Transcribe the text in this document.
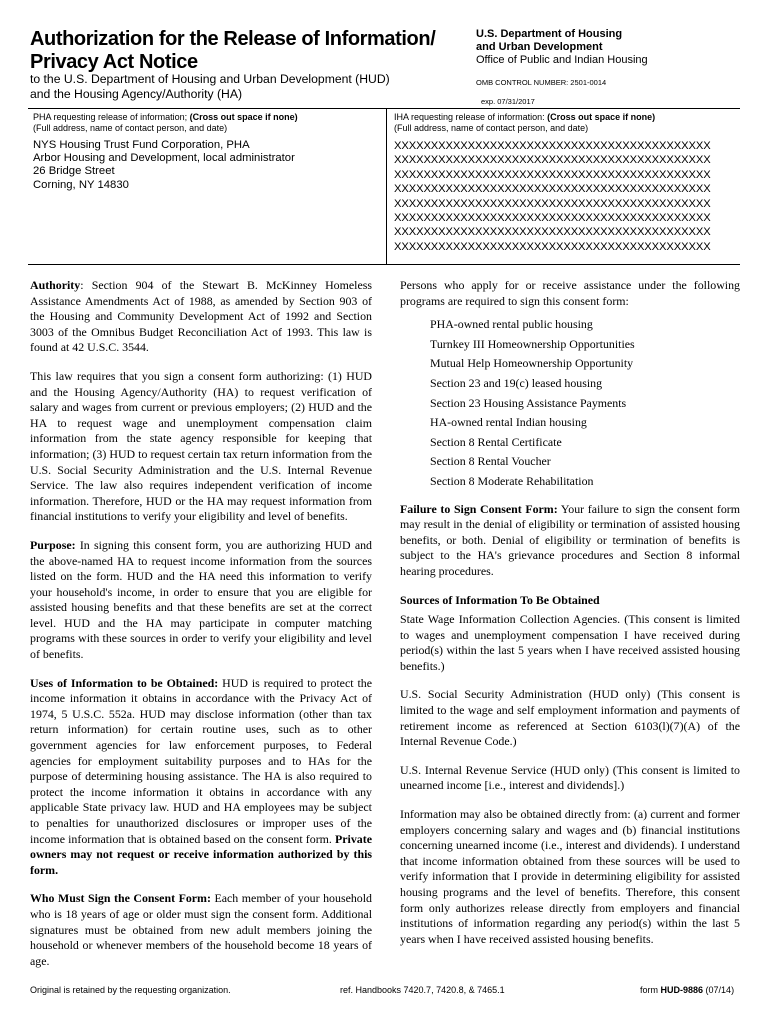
Authorization for the Release of Information/
Privacy Act Notice
to the U.S. Department of Housing and Urban Development (HUD)
and the Housing Agency/Authority (HA)
U.S. Department of Housing
and Urban Development
Office of Public and Indian Housing
OMB CONTROL NUMBER: 2501-0014
exp. 07/31/2017
PHA requesting release of information; (Cross out space if none)
(Full address, name of contact person, and date)
NYS Housing Trust Fund Corporation, PHA
Arbor Housing and Development, local administrator
26 Bridge Street
Corning, NY 14830
IHA requesting release of information: (Cross out space if none)
(Full address, name of contact person, and date)
XXXXXXXXXXXXXXXXXXXXXXXXXXXXXXXXXXXXXXXXXXX
XXXXXXXXXXXXXXXXXXXXXXXXXXXXXXXXXXXXXXXXXXX
XXXXXXXXXXXXXXXXXXXXXXXXXXXXXXXXXXXXXXXXXXX
XXXXXXXXXXXXXXXXXXXXXXXXXXXXXXXXXXXXXXXXXXX
XXXXXXXXXXXXXXXXXXXXXXXXXXXXXXXXXXXXXXXXXXX
XXXXXXXXXXXXXXXXXXXXXXXXXXXXXXXXXXXXXXXXXXX
XXXXXXXXXXXXXXXXXXXXXXXXXXXXXXXXXXXXXXXXXXX
XXXXXXXXXXXXXXXXXXXXXXXXXXXXXXXXXXXXXXXXXXX

Authority: Section 904 of the Stewart B. McKinney Homeless Assistance Amendments Act of 1988, as amended by Section 903 of the Housing and Community Development Act of 1992 and Section 3003 of the Omnibus Budget Reconciliation Act of 1993. This law is found at 42 U.S.C. 3544.

This law requires that you sign a consent form authorizing: (1) HUD and the Housing Agency/Authority (HA) to request verification of salary and wages from current or previous employers; (2) HUD and the HA to request wage and unemployment compensation claim information from the state agency responsible for keeping that information; (3) HUD to request certain tax return information from the U.S. Social Security Administration and the U.S. Internal Revenue Service. The law also requires independent verification of income information. Therefore, HUD or the HA may request information from financial institutions to verify your eligibility and level of benefits.

Purpose: In signing this consent form, you are authorizing HUD and the above-named HA to request income information from the sources listed on the form. HUD and the HA need this information to verify your household's income, in order to ensure that you are eligible for assisted housing benefits and that these benefits are set at the correct level. HUD and the HA may participate in computer matching programs with these sources in order to verify your eligibility and level of benefits.

Uses of Information to be Obtained: HUD is required to protect the income information it obtains in accordance with the Privacy Act of 1974, 5 U.S.C. 552a. HUD may disclose information (other than tax return information) for certain routine uses, such as to other government agencies for law enforcement purposes, to Federal agencies for employment suitability purposes and to HAs for the purpose of determining housing assistance. The HA is also required to protect the income information it obtains in accordance with any applicable State privacy law. HUD and HA employees may be subject to penalties for unauthorized disclosures or improper uses of the income information that is obtained based on the consent form. Private owners may not request or receive information authorized by this form.

Who Must Sign the Consent Form: Each member of your household who is 18 years of age or older must sign the consent form. Additional signatures must be obtained from new adult members joining the household or whenever members of the household become 18 years of age.

Persons who apply for or receive assistance under the following programs are required to sign this consent form:

PHA-owned rental public housing
Turnkey III Homeownership Opportunities
Mutual Help Homeownership Opportunity
Section 23 and 19(c) leased housing
Section 23 Housing Assistance Payments
HA-owned rental Indian housing
Section 8 Rental Certificate
Section 8 Rental Voucher
Section 8 Moderate Rehabilitation

Failure to Sign Consent Form: Your failure to sign the consent form may result in the denial of eligibility or termination of assisted housing benefits, or both. Denial of eligibility or termination of benefits is subject to the HA's grievance procedures and Section 8 informal hearing procedures.

Sources of Information To Be Obtained

State Wage Information Collection Agencies. (This consent is limited to wages and unemployment compensation I have received during period(s) within the last 5 years when I have received assisted housing benefits.)

U.S. Social Security Administration (HUD only) (This consent is limited to the wage and self employment information and payments of retirement income as referenced at Section 6103(l)(7)(A) of the Internal Revenue Code.)

U.S. Internal Revenue Service (HUD only) (This consent is limited to unearned income [i.e., interest and dividends].)

Information may also be obtained directly from: (a) current and former employers concerning salary and wages and (b) financial institutions concerning unearned income (i.e., interest and dividends). I understand that income information obtained from these sources will be used to verify information that I provide in determining eligibility for assisted housing programs and the level of benefits. Therefore, this consent form only authorizes release directly from employers and financial institutions of information regarding any period(s) within the last 5 years when I have received assisted housing benefits.

Original is retained by the requesting organization.	ref. Handbooks 7420.7, 7420.8, & 7465.1	form HUD-9886 (07/14)
